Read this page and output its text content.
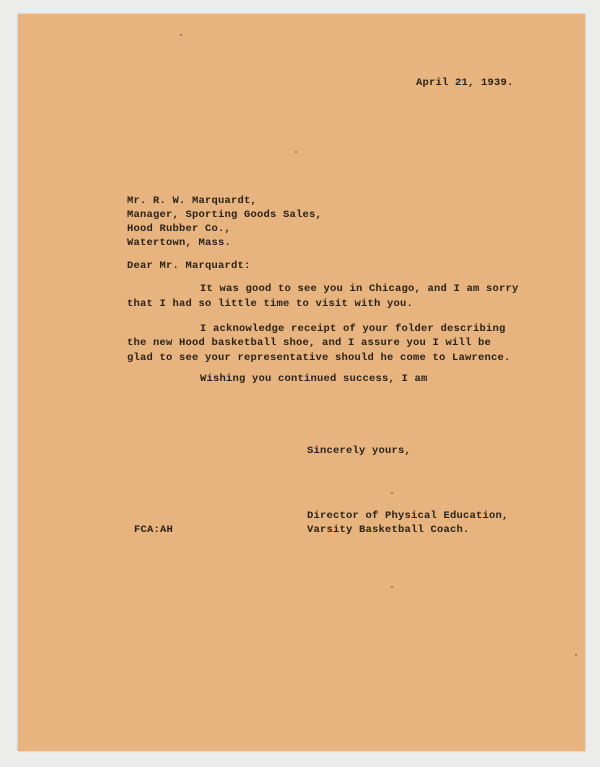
April 21, 1939.
Mr. R. W. Marquardt,
Manager, Sporting Goods Sales,
Hood Rubber Co.,
Watertown, Mass.
Dear Mr. Marquardt:
It was good to see you in Chicago, and I am sorry
that I had so little time to visit with you.
I acknowledge receipt of your folder describing
the new Hood basketball shoe, and I assure you I will be
glad to see your representative should he come to Lawrence.
Wishing you continued success, I am
Sincerely yours,
Director of Physical Education,
Varsity Basketball Coach.
FCA:AH
